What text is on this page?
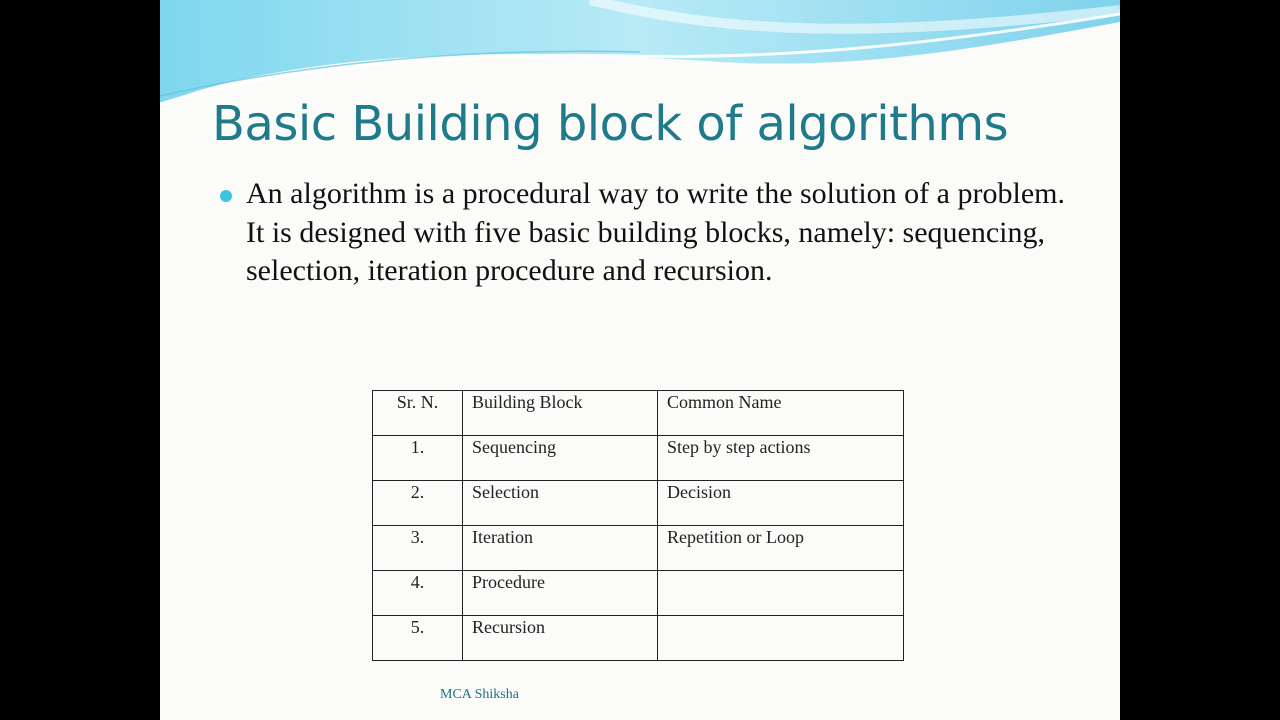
Basic Building block of algorithms

An algorithm is a procedural way to write the solution of a problem. It is designed with five basic building blocks, namely: sequencing, selection, iteration procedure and recursion.

Sr. N.	Building Block	Common Name

1.	Sequencing	Step by step actions

2.	Selection	Decision

3.	Iteration	Repetition or Loop

4.	Procedure	

5.	Recursion	

MCA Shiksha
